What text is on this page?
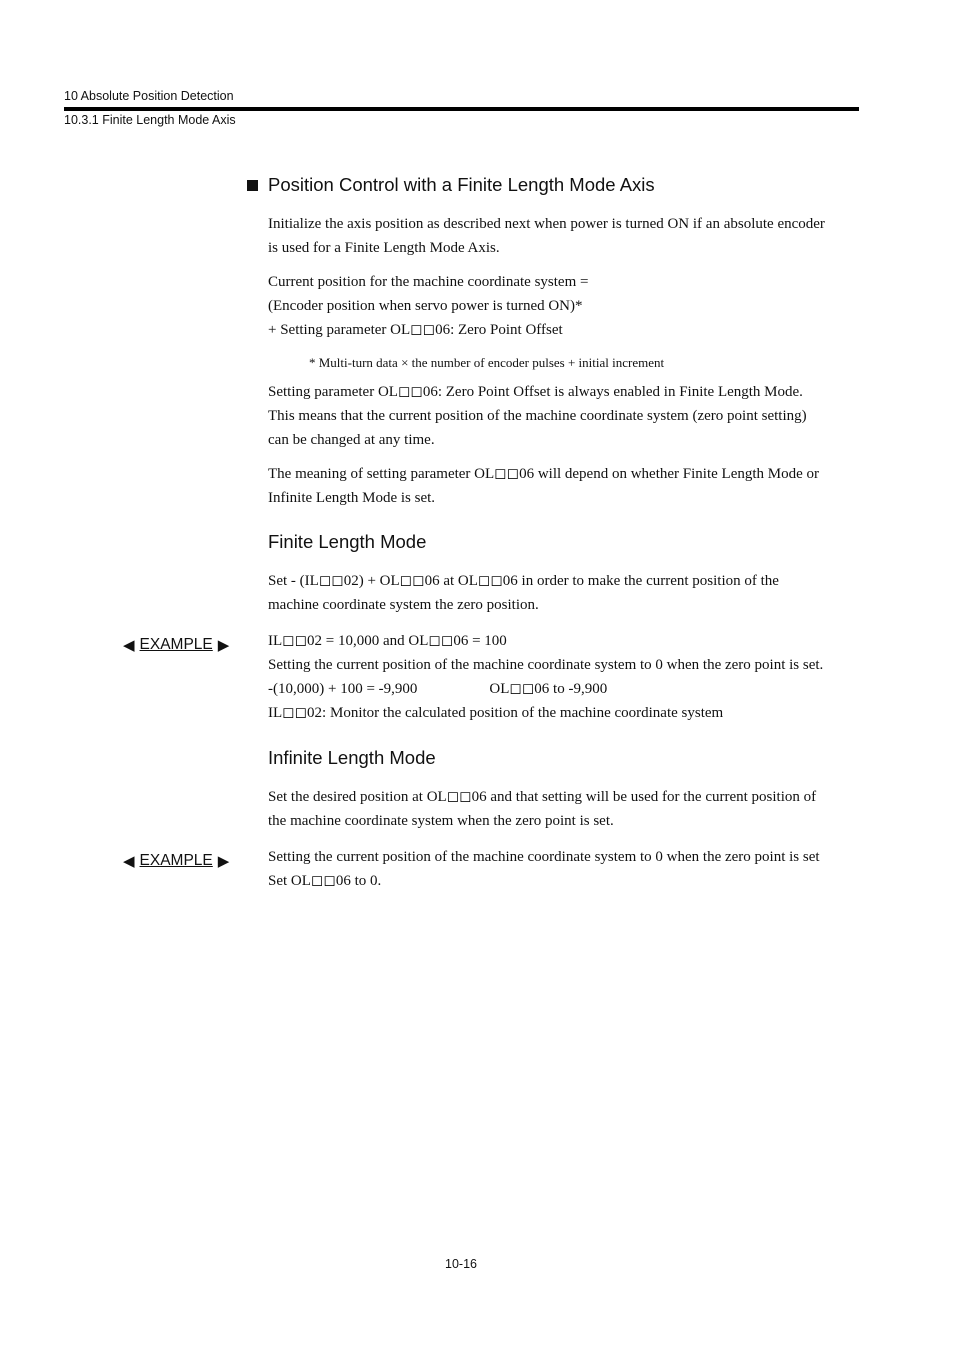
10 Absolute Position Detection
10.3.1 Finite Length Mode Axis
Position Control with a Finite Length Mode Axis

Initialize the axis position as described next when power is turned ON if an absolute encoder

is used for a Finite Length Mode Axis.

Current position for the machine coordinate system =

(Encoder position when servo power is turned ON)*

+ Setting parameter OL◻◻06: Zero Point Offset

* Multi-turn data × the number of encoder pulses + initial increment

Setting parameter OL◻◻06: Zero Point Offset is always enabled in Finite Length Mode.

This means that the current position of the machine coordinate system (zero point setting)

can be changed at any time.

The meaning of setting parameter OL◻◻06 will depend on whether Finite Length Mode or

Infinite Length Mode is set.

Finite Length Mode

Set - (IL◻◻02) + OL◻◻06 at OL◻◻06 in order to make the current position of the

machine coordinate system the zero position.

◀ EXAMPLE ▶	IL◻◻02 = 10,000 and OL◻◻06 = 100

Setting the current position of the machine coordinate system to 0 when the zero point is set.

-(10,000) + 100 = -9,900	OL◻◻06 to -9,900

IL◻◻02: Monitor the calculated position of the machine coordinate system

Infinite Length Mode

Set the desired position at OL◻◻06 and that setting will be used for the current position of

the machine coordinate system when the zero point is set.

◀ EXAMPLE ▶	Setting the current position of the machine coordinate system to 0 when the zero point is set

Set OL◻◻06 to 0.

10-16
